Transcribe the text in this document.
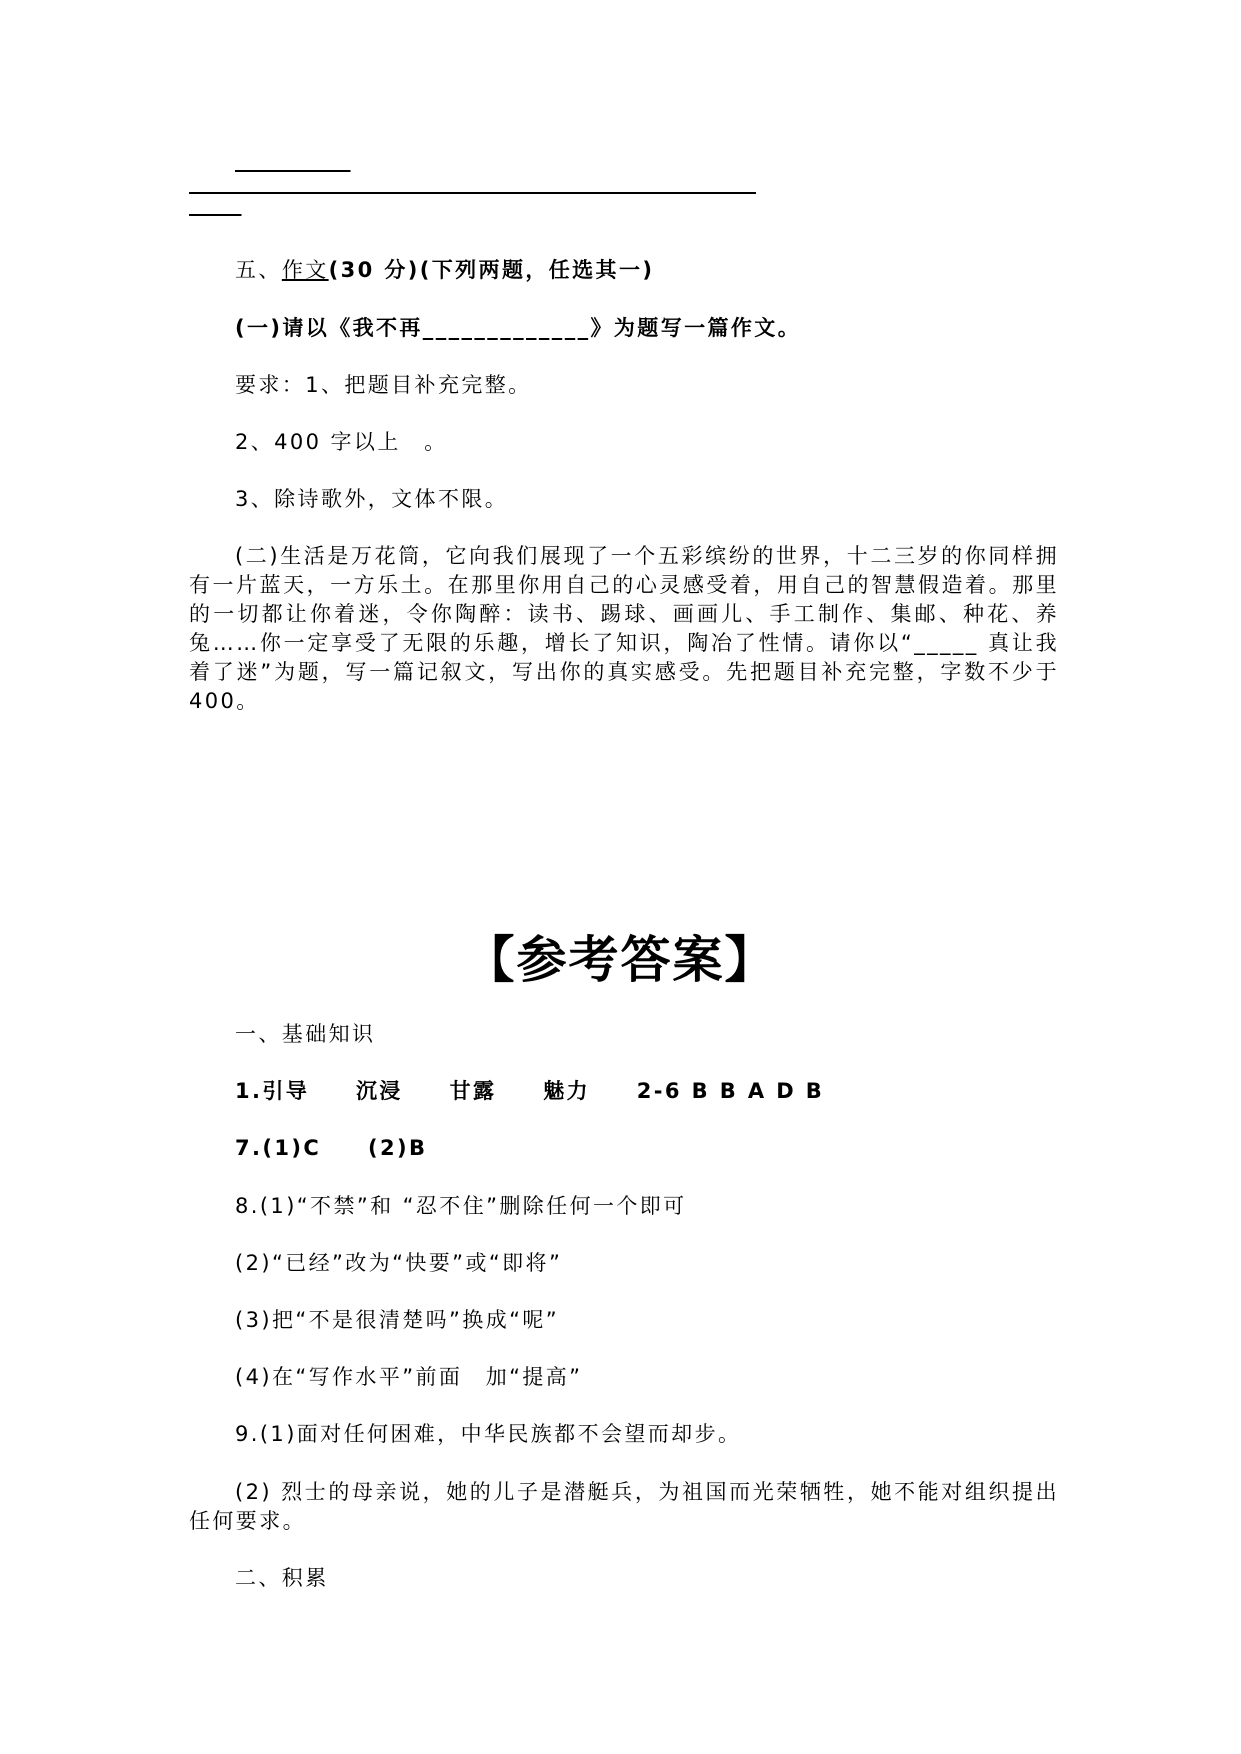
___________

______________________________________________________

_____

五、作文(30 分)(下列两题，任选其一)

(一)请以《我不再_____________》为题写一篇作文。

要求：1、把题目补充完整。

2、400 字以上　。

3、除诗歌外，文体不限。

(二)生活是万花筒，它向我们展现了一个五彩缤纷的世界，十二三岁的你同样拥有一片蓝天，一方乐土。在那里你用自己的心灵感受着，用自己的智慧假造着。那里的一切都让你着迷，令你陶醉：读书、踢球、画画儿、手工制作、集邮、种花、养兔……你一定享受了无限的乐趣，增长了知识，陶冶了性情。请你以“_____ 真让我着了迷”为题，写一篇记叙文，写出你的真实感受。先把题目补充完整，字数不少于 400。

【参考答案】

一、基础知识

1.引导　　沉浸　　甘露　　魅力　　2-6 B B A D B

7.(1)C　　(2)B

8.(1)“不禁”和 “忍不住”删除任何一个即可

(2)“已经”改为“快要”或“即将”

(3)把“不是很清楚吗”换成“呢”

(4)在“写作水平”前面　加“提高”

9.(1)面对任何困难，中华民族都不会望而却步。

(2) 烈士的母亲说，她的儿子是潜艇兵，为祖国而光荣牺牲，她不能对组织提出任何要求。

二、积累
